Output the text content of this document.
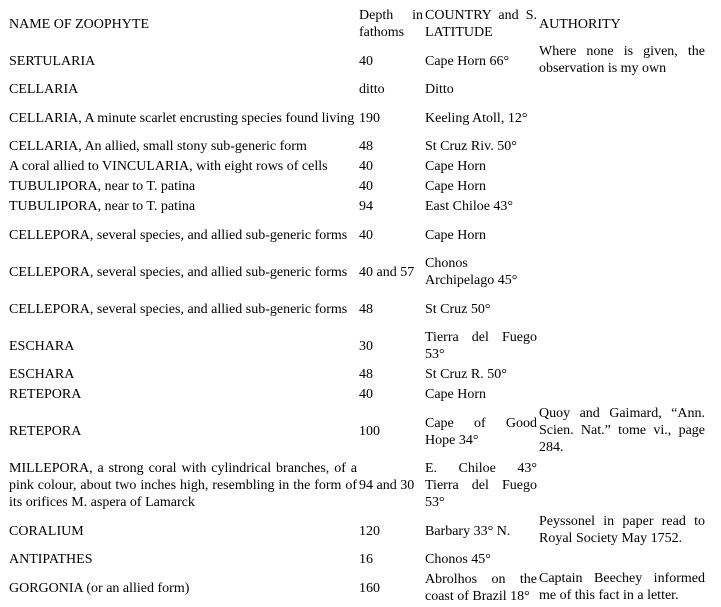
NAME OF ZOOPHYTE	Depth in fathoms	COUNTRY and S. LATITUDE	AUTHORITY
SERTULARIA	40	Cape Horn 66°	Where none is given, the observation is my own
CELLARIA	ditto	Ditto	
CELLARIA, A minute scarlet encrusting species found living	190	Keeling Atoll, 12°	
CELLARIA, An allied, small stony sub-generic form	48	St Cruz Riv. 50°	
A coral allied to VINCULARIA, with eight rows of cells	40	Cape Horn	
TUBULIPORA, near to T. patina	40	Cape Horn	
TUBULIPORA, near to T. patina	94	East Chiloe 43°	
CELLEPORA, several species, and allied sub-generic forms	40	Cape Horn	
CELLEPORA, several species, and allied sub-generic forms	40 and 57	Chonos Archipelago 45°	
CELLEPORA, several species, and allied sub-generic forms	48	St Cruz 50°	
ESCHARA	30	Tierra del Fuego 53°	
ESCHARA	48	St Cruz R. 50°	
RETEPORA	40	Cape Horn	
RETEPORA	100	Cape of Good Hope 34°	Quoy and Gaimard, “Ann. Scien. Nat.” tome vi., page 284.
MILLEPORA, a strong coral with cylindrical branches, of a pink colour, about two inches high, resembling in the form of its orifices M. aspera of Lamarck	94 and 30	E. Chiloe 43° Tierra del Fuego 53°	
CORALIUM	120	Barbary 33° N.	Peyssonel in paper read to Royal Society May 1752.
ANTIPATHES	16	Chonos 45°	
GORGONIA (or an allied form)	160	Abrolhos on the coast of Brazil 18°	Captain Beechey informed me of this fact in a letter.
